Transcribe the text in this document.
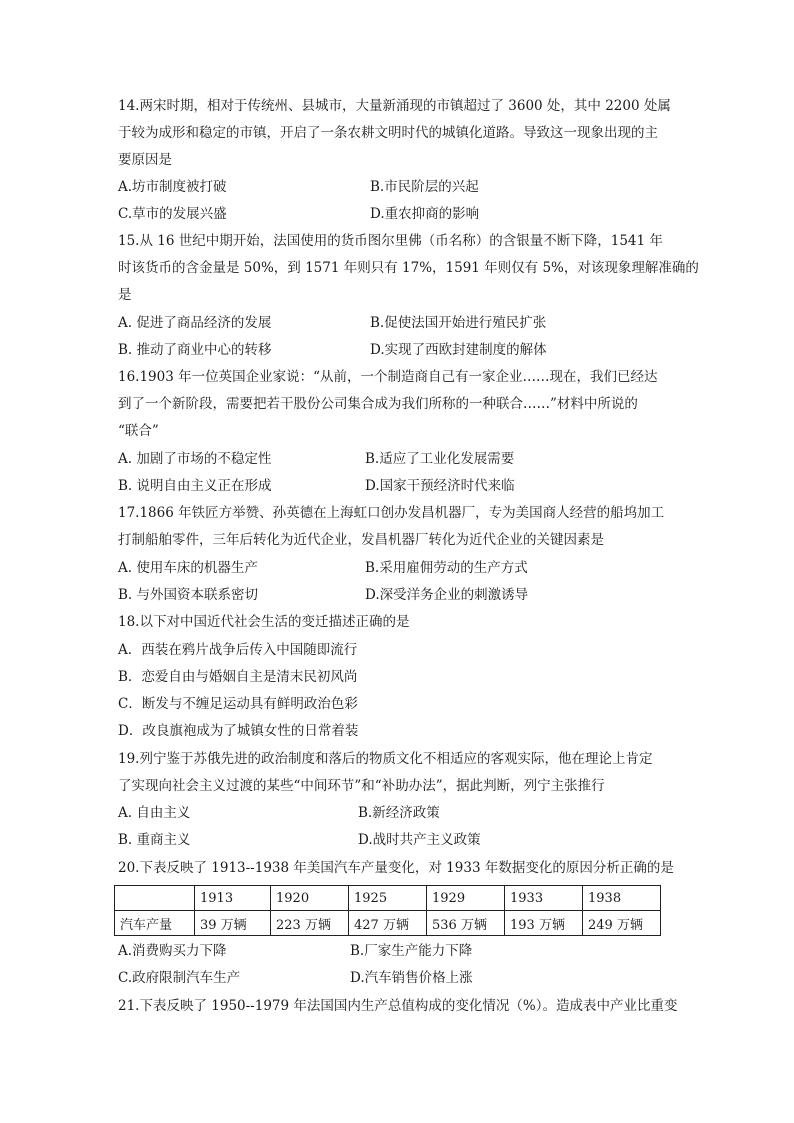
14.两宋时期，相对于传统州、县城市，大量新涌现的市镇超过了 3600 处，其中 2200 处属
于较为成形和稳定的市镇，开启了一条农耕文明时代的城镇化道路。导致这一现象出现的主
要原因是
A.坊市制度被打破	B.市民阶层的兴起
C.草市的发展兴盛	D.重农抑商的影响
15.从 16 世纪中期开始，法国使用的货币图尔里佛（币名称）的含银量不断下降，1541 年
时该货币的含金量是 50%，到 1571 年则只有 17%，1591 年则仅有 5%，对该现象理解准确的
是
A. 促进了商品经济的发展	B.促使法国开始进行殖民扩张
B. 推动了商业中心的转移	D.实现了西欧封建制度的解体
16.1903 年一位英国企业家说：“从前，一个制造商自己有一家企业……现在，我们已经达
到了一个新阶段，需要把若干股份公司集合成为我们所称的一种联合……”材料中所说的
“联合”
A. 加剧了市场的不稳定性	B.适应了工业化发展需要
B. 说明自由主义正在形成	D.国家干预经济时代来临
17.1866 年铁匠方举赞、孙英德在上海虹口创办发昌机器厂，专为美国商人经营的船坞加工
打制船舶零件，三年后转化为近代企业，发昌机器厂转化为近代企业的关键因素是
A. 使用车床的机器生产	B.采用雇佣劳动的生产方式
B. 与外国资本联系密切	D.深受洋务企业的刺激诱导
18.以下对中国近代社会生活的变迁描述正确的是
A．西装在鸦片战争后传入中国随即流行
B．恋爱自由与婚姻自主是清末民初风尚
C．断发与不缠足运动具有鲜明政治色彩
D．改良旗袍成为了城镇女性的日常着装
19.列宁鉴于苏俄先进的政治制度和落后的物质文化不相适应的客观实际，他在理论上肯定
了实现向社会主义过渡的某些“中间环节”和“补助办法”，据此判断，列宁主张推行
A. 自由主义	B.新经济政策
B. 重商主义	D.战时共产主义政策
20.下表反映了 1913--1938 年美国汽车产量变化，对 1933 年数据变化的原因分析正确的是
	1913	1920	1925	1929	1933	1938
汽车产量	39 万辆	223 万辆	427 万辆	536 万辆	193 万辆	249 万辆
A.消费购买力下降	B.厂家生产能力下降
C.政府限制汽车生产	D.汽车销售价格上涨
21.下表反映了 1950--1979 年法国国内生产总值构成的变化情况（%）。造成表中产业比重变
